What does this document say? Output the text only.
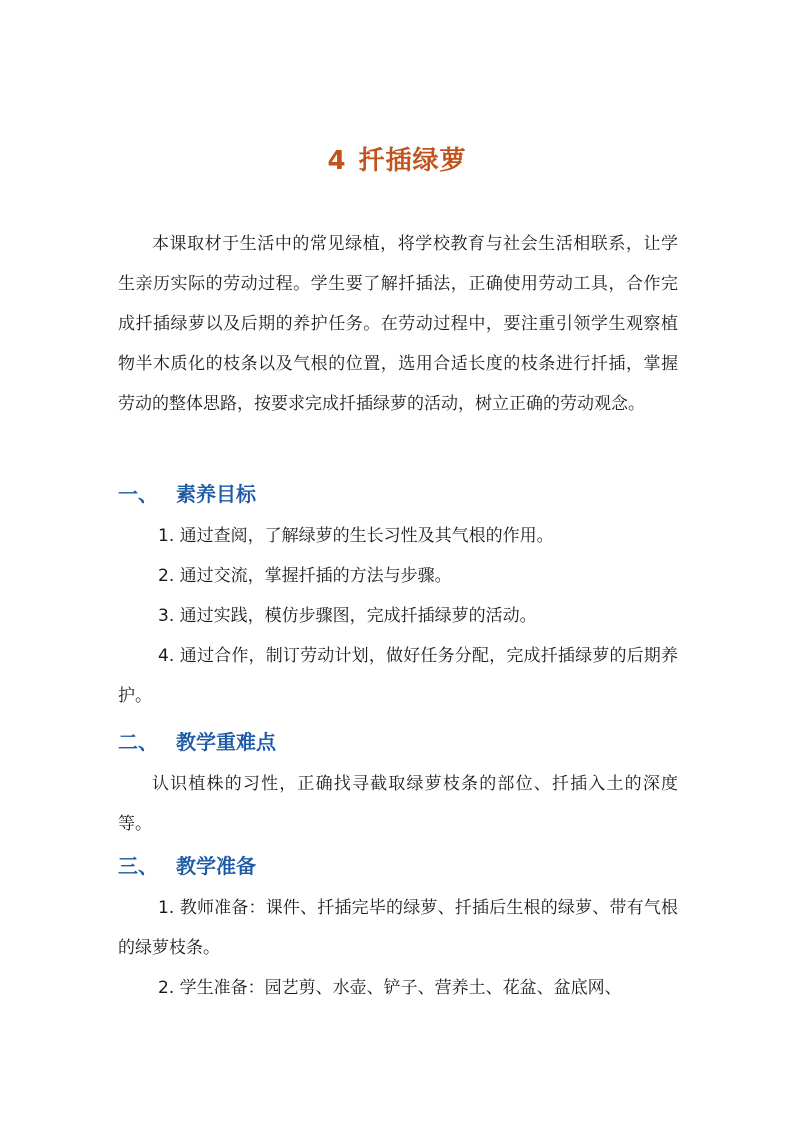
4 扦插绿萝
本课取材于生活中的常见绿植，将学校教育与社会生活相联系，让学生亲历实际的劳动过程。学生要了解扦插法，正确使用劳动工具，合作完成扦插绿萝以及后期的养护任务。在劳动过程中，要注重引领学生观察植物半木质化的枝条以及气根的位置，选用合适长度的枝条进行扦插，掌握劳动的整体思路，按要求完成扦插绿萝的活动，树立正确的劳动观念。
一、 素养目标

1. 通过查阅，了解绿萝的生长习性及其气根的作用。

2. 通过交流，掌握扦插的方法与步骤。

3. 通过实践，模仿步骤图，完成扦插绿萝的活动。

4. 通过合作，制订劳动计划，做好任务分配，完成扦插绿萝的后期养护。

二、 教学重难点
认识植株的习性，正确找寻截取绿萝枝条的部位、扦插入土的深度等。
三、 教学准备

1. 教师准备：课件、扦插完毕的绿萝、扦插后生根的绿萝、带有气根的绿萝枝条。

2. 学生准备：园艺剪、水壶、铲子、营养土、花盆、盆底网、
